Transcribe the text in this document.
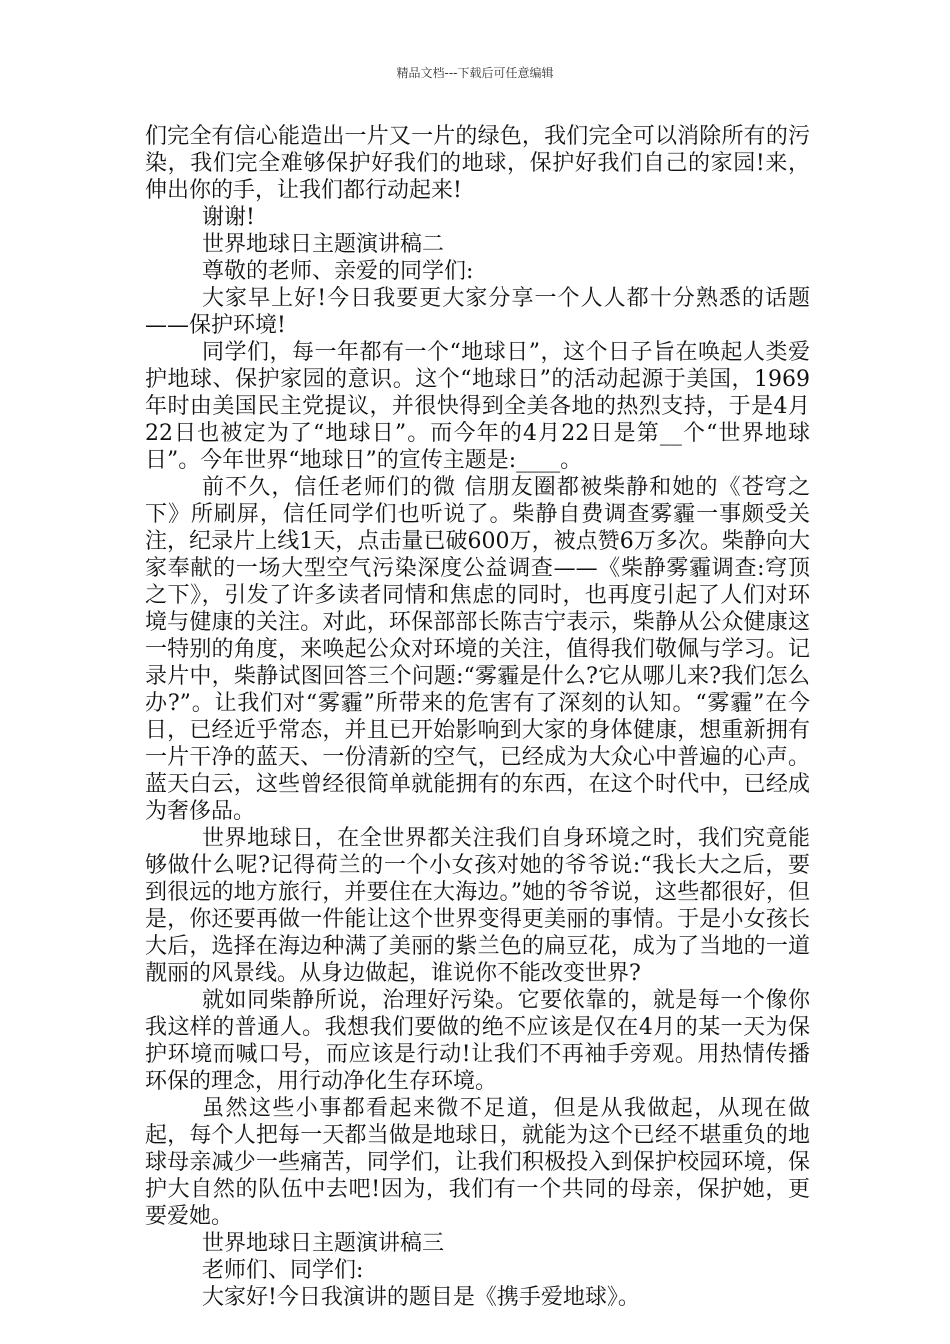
精品文档---下载后可任意编辑

们完全有信心能造出一片又一片的绿色，我们完全可以消除所有的污染，我们完全难够保护好我们的地球，保护好我们自己的家园!来，伸出你的手，让我们都行动起来!

谢谢!

世界地球日主题演讲稿二

尊敬的老师、亲爱的同学们:

大家早上好!今日我要更大家分享一个人人都十分熟悉的话题——保护环境!

同学们，每一年都有一个“地球日”，这个日子旨在唤起人类爱护地球、保护家园的意识。这个“地球日”的活动起源于美国，1969年时由美国民主党提议，并很快得到全美各地的热烈支持，于是4月22日也被定为了“地球日”。而今年的4月22日是第__个“世界地球日”。今年世界“地球日”的宣传主题是:____。

前不久，信任老师们的微 信朋友圈都被柴静和她的《苍穹之下》所刷屏，信任同学们也听说了。柴静自费调查雾霾一事颇受关注，纪录片上线1天，点击量已破600万，被点赞6万多次。柴静向大家奉献的一场大型空气污染深度公益调查——《柴静雾霾调查:穹顶之下》，引发了许多读者同情和焦虑的同时，也再度引起了人们对环境与健康的关注。对此，环保部部长陈吉宁表示，柴静从公众健康这一特别的角度，来唤起公众对环境的关注，值得我们敬佩与学习。记录片中，柴静试图回答三个问题:“雾霾是什么?它从哪儿来?我们怎么办?”。让我们对“雾霾”所带来的危害有了深刻的认知。“雾霾”在今日，已经近乎常态，并且已开始影响到大家的身体健康，想重新拥有一片干净的蓝天、一份清新的空气，已经成为大众心中普遍的心声。蓝天白云，这些曾经很简单就能拥有的东西，在这个时代中，已经成为奢侈品。

世界地球日，在全世界都关注我们自身环境之时，我们究竟能够做什么呢?记得荷兰的一个小女孩对她的爷爷说:“我长大之后，要到很远的地方旅行，并要住在大海边。”她的爷爷说，这些都很好，但是，你还要再做一件能让这个世界变得更美丽的事情。于是小女孩长大后，选择在海边种满了美丽的紫兰色的扁豆花，成为了当地的一道靓丽的风景线。从身边做起，谁说你不能改变世界?

就如同柴静所说，治理好污染。它要依靠的，就是每一个像你我这样的普通人。我想我们要做的绝不应该是仅在4月的某一天为保护环境而喊口号，而应该是行动!让我们不再袖手旁观。用热情传播环保的理念，用行动净化生存环境。

虽然这些小事都看起来微不足道，但是从我做起，从现在做起，每个人把每一天都当做是地球日，就能为这个已经不堪重负的地球母亲减少一些痛苦，同学们，让我们积极投入到保护校园环境，保护大自然的队伍中去吧!因为，我们有一个共同的母亲，保护她，更要爱她。

世界地球日主题演讲稿三

老师们、同学们:

大家好!今日我演讲的题目是《携手爱地球》。
